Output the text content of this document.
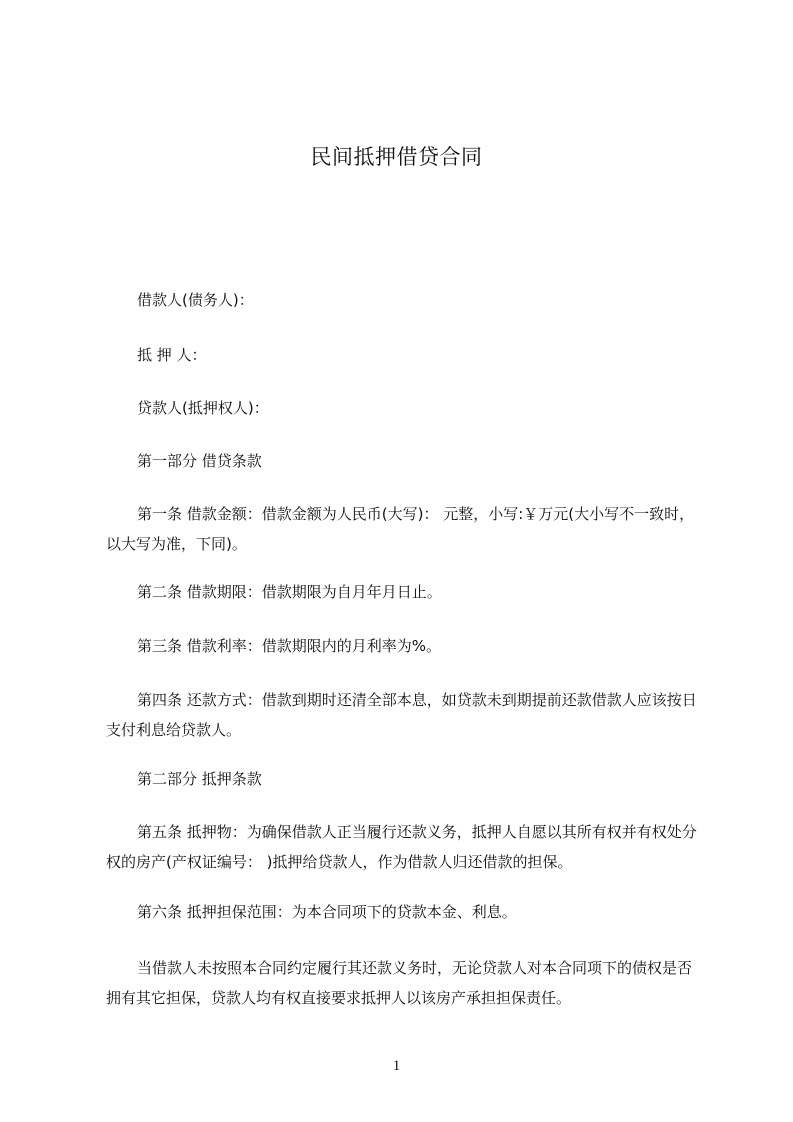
民间抵押借贷合同

借款人(债务人)：

抵 押 人：

贷款人(抵押权人)：

第一部分 借贷条款

第一条 借款金额：借款金额为人民币(大写)： 元整，小写:￥万元(大小写不一致时，以大写为准，下同)。

第二条 借款期限：借款期限为自月年月日止。

第三条 借款利率：借款期限内的月利率为%。

第四条 还款方式：借款到期时还清全部本息，如贷款未到期提前还款借款人应该按日支付利息给贷款人。

第二部分 抵押条款

第五条 抵押物：为确保借款人正当履行还款义务，抵押人自愿以其所有权并有权处分权的房产(产权证编号： )抵押给贷款人，作为借款人归还借款的担保。

第六条 抵押担保范围：为本合同项下的贷款本金、利息。

当借款人未按照本合同约定履行其还款义务时，无论贷款人对本合同项下的债权是否拥有其它担保，贷款人均有权直接要求抵押人以该房产承担担保责任。

1
